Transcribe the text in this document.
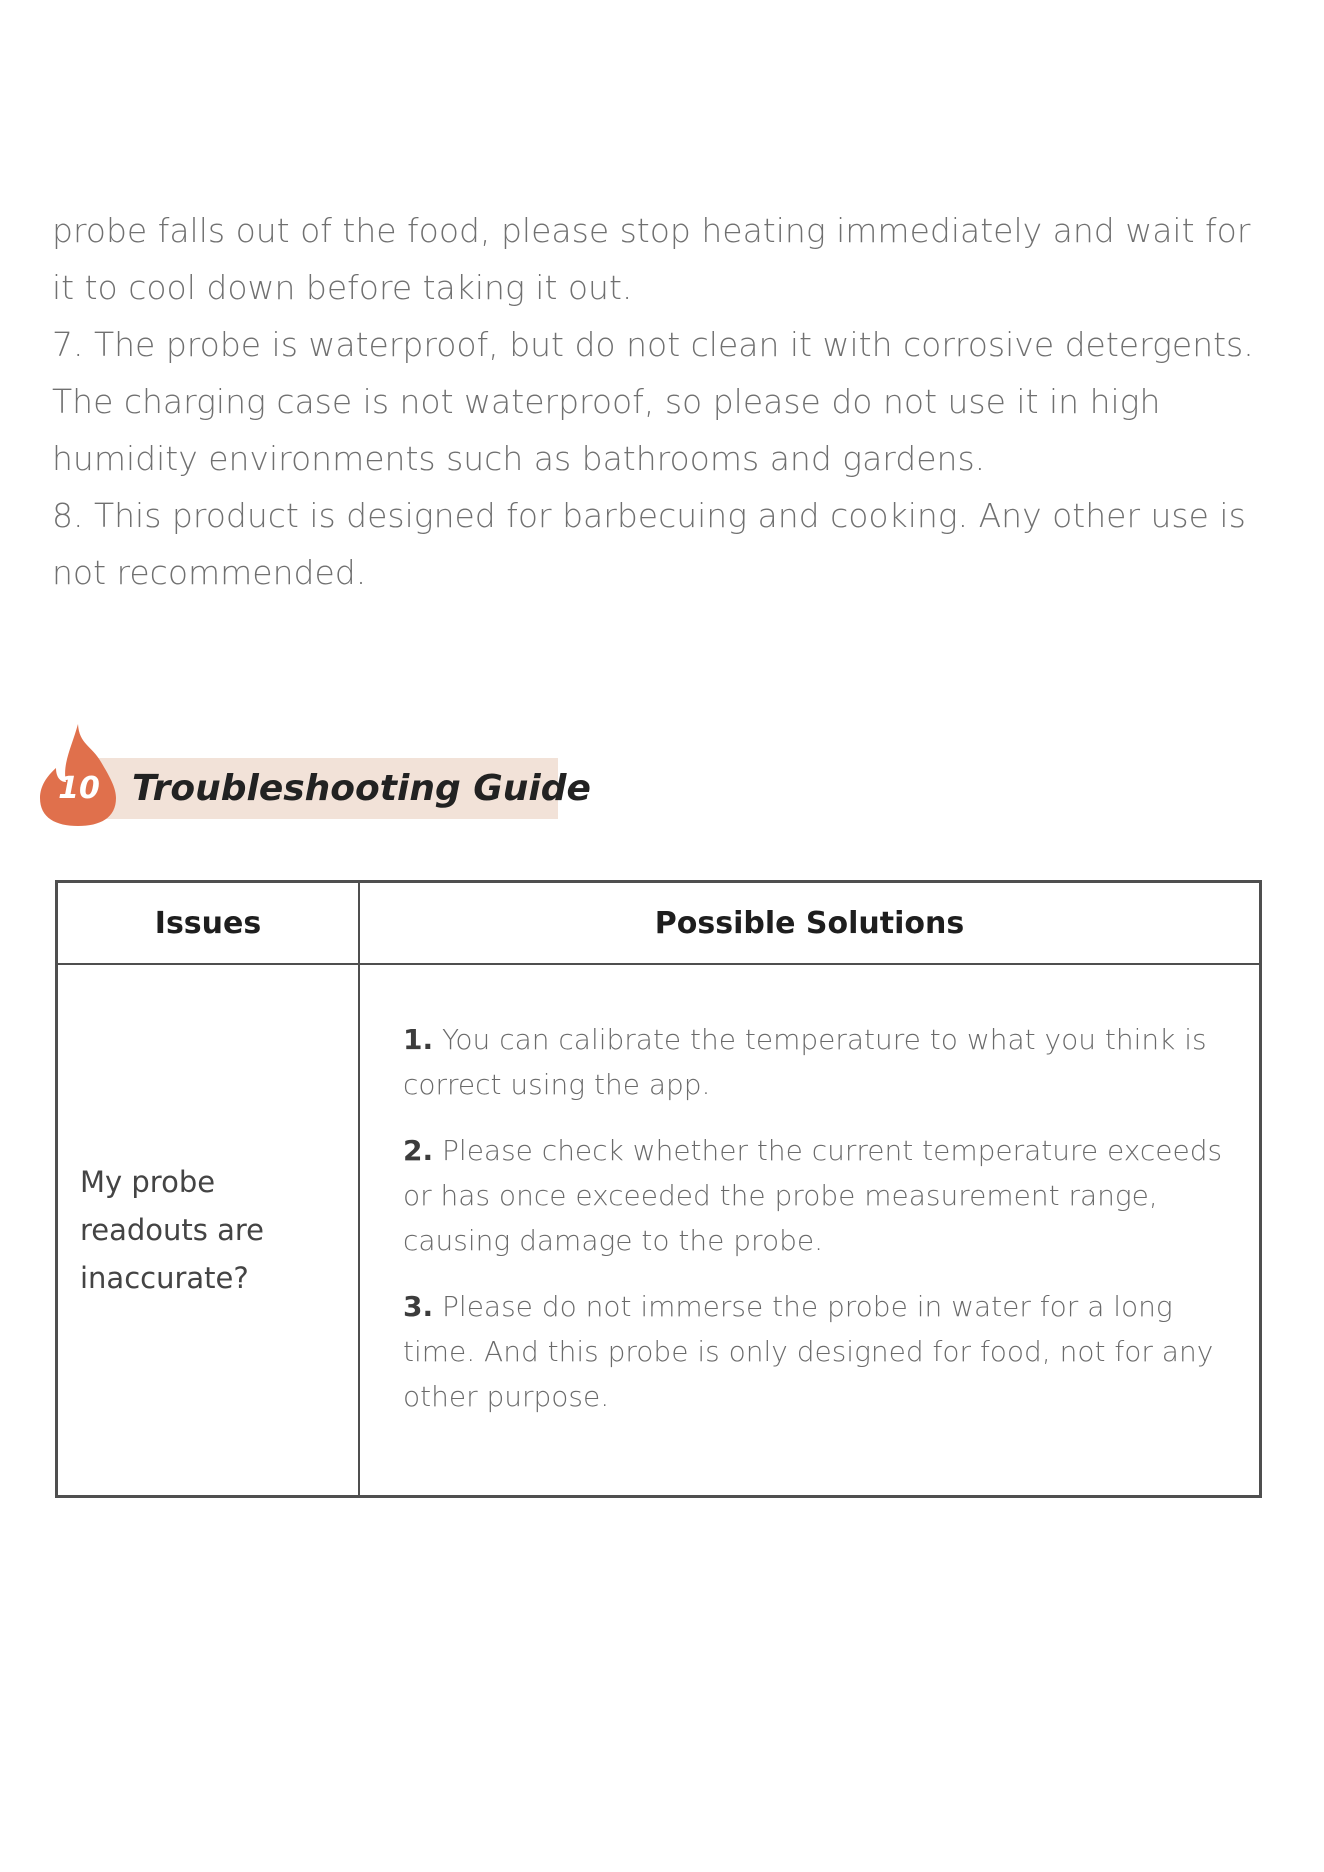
probe falls out of the food, please stop heating immediately and wait for it to cool down before taking it out.

7. The probe is waterproof, but do not clean it with corrosive detergents. The charging case is not waterproof, so please do not use it in high humidity environments such as bathrooms and gardens.

8. This product is designed for barbecuing and cooking. Any other use is not recommended.

10 Troubleshooting Guide
Issues	Possible Solutions
My probe readouts are inaccurate?	1. You can calibrate the temperature to what you think is correct using the app.

2. Please check whether the current temperature exceeds or has once exceeded the probe measurement range, causing damage to the probe.

3. Please do not immerse the probe in water for a long time. And this probe is only designed for food, not for any other purpose.
